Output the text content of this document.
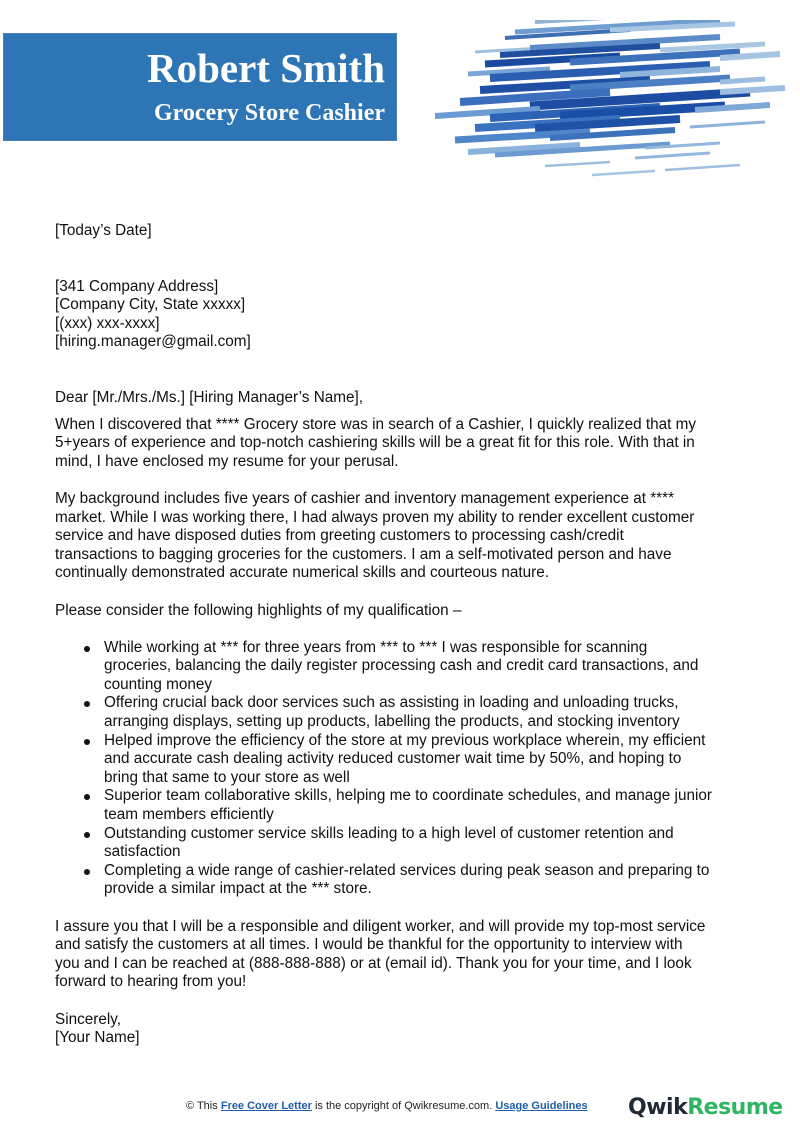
Robert Smith
Grocery Store Cashier
[Today’s Date]
[341 Company Address]
[Company City, State xxxxx]
[(xxx) xxx-xxxx]
[hiring.manager@gmail.com]
Dear [Mr./Mrs./Ms.] [Hiring Manager’s Name],
When I discovered that **** Grocery store was in search of a Cashier, I quickly realized that my
5+years of experience and top-notch cashiering skills will be a great fit for this role. With that in
mind, I have enclosed my resume for your perusal.
My background includes five years of cashier and inventory management experience at ****
market. While I was working there, I had always proven my ability to render excellent customer
service and have disposed duties from greeting customers to processing cash/credit
transactions to bagging groceries for the customers. I am a self-motivated person and have
continually demonstrated accurate numerical skills and courteous nature.
Please consider the following highlights of my qualification –
While working at *** for three years from *** to *** I was responsible for scanning
groceries, balancing the daily register processing cash and credit card transactions, and
counting money
Offering crucial back door services such as assisting in loading and unloading trucks,
arranging displays, setting up products, labelling the products, and stocking inventory
Helped improve the efficiency of the store at my previous workplace wherein, my efficient
and accurate cash dealing activity reduced customer wait time by 50%, and hoping to
bring that same to your store as well
Superior team collaborative skills, helping me to coordinate schedules, and manage junior
team members efficiently
Outstanding customer service skills leading to a high level of customer retention and
satisfaction
Completing a wide range of cashier-related services during peak season and preparing to
provide a similar impact at the *** store.
I assure you that I will be a responsible and diligent worker, and will provide my top-most service
and satisfy the customers at all times. I would be thankful for the opportunity to interview with
you and I can be reached at (888-888-888) or at (email id). Thank you for your time, and I look
forward to hearing from you!
Sincerely,
[Your Name]
© This Free Cover Letter is the copyright of Qwikresume.com. Usage Guidelines QwikResume
